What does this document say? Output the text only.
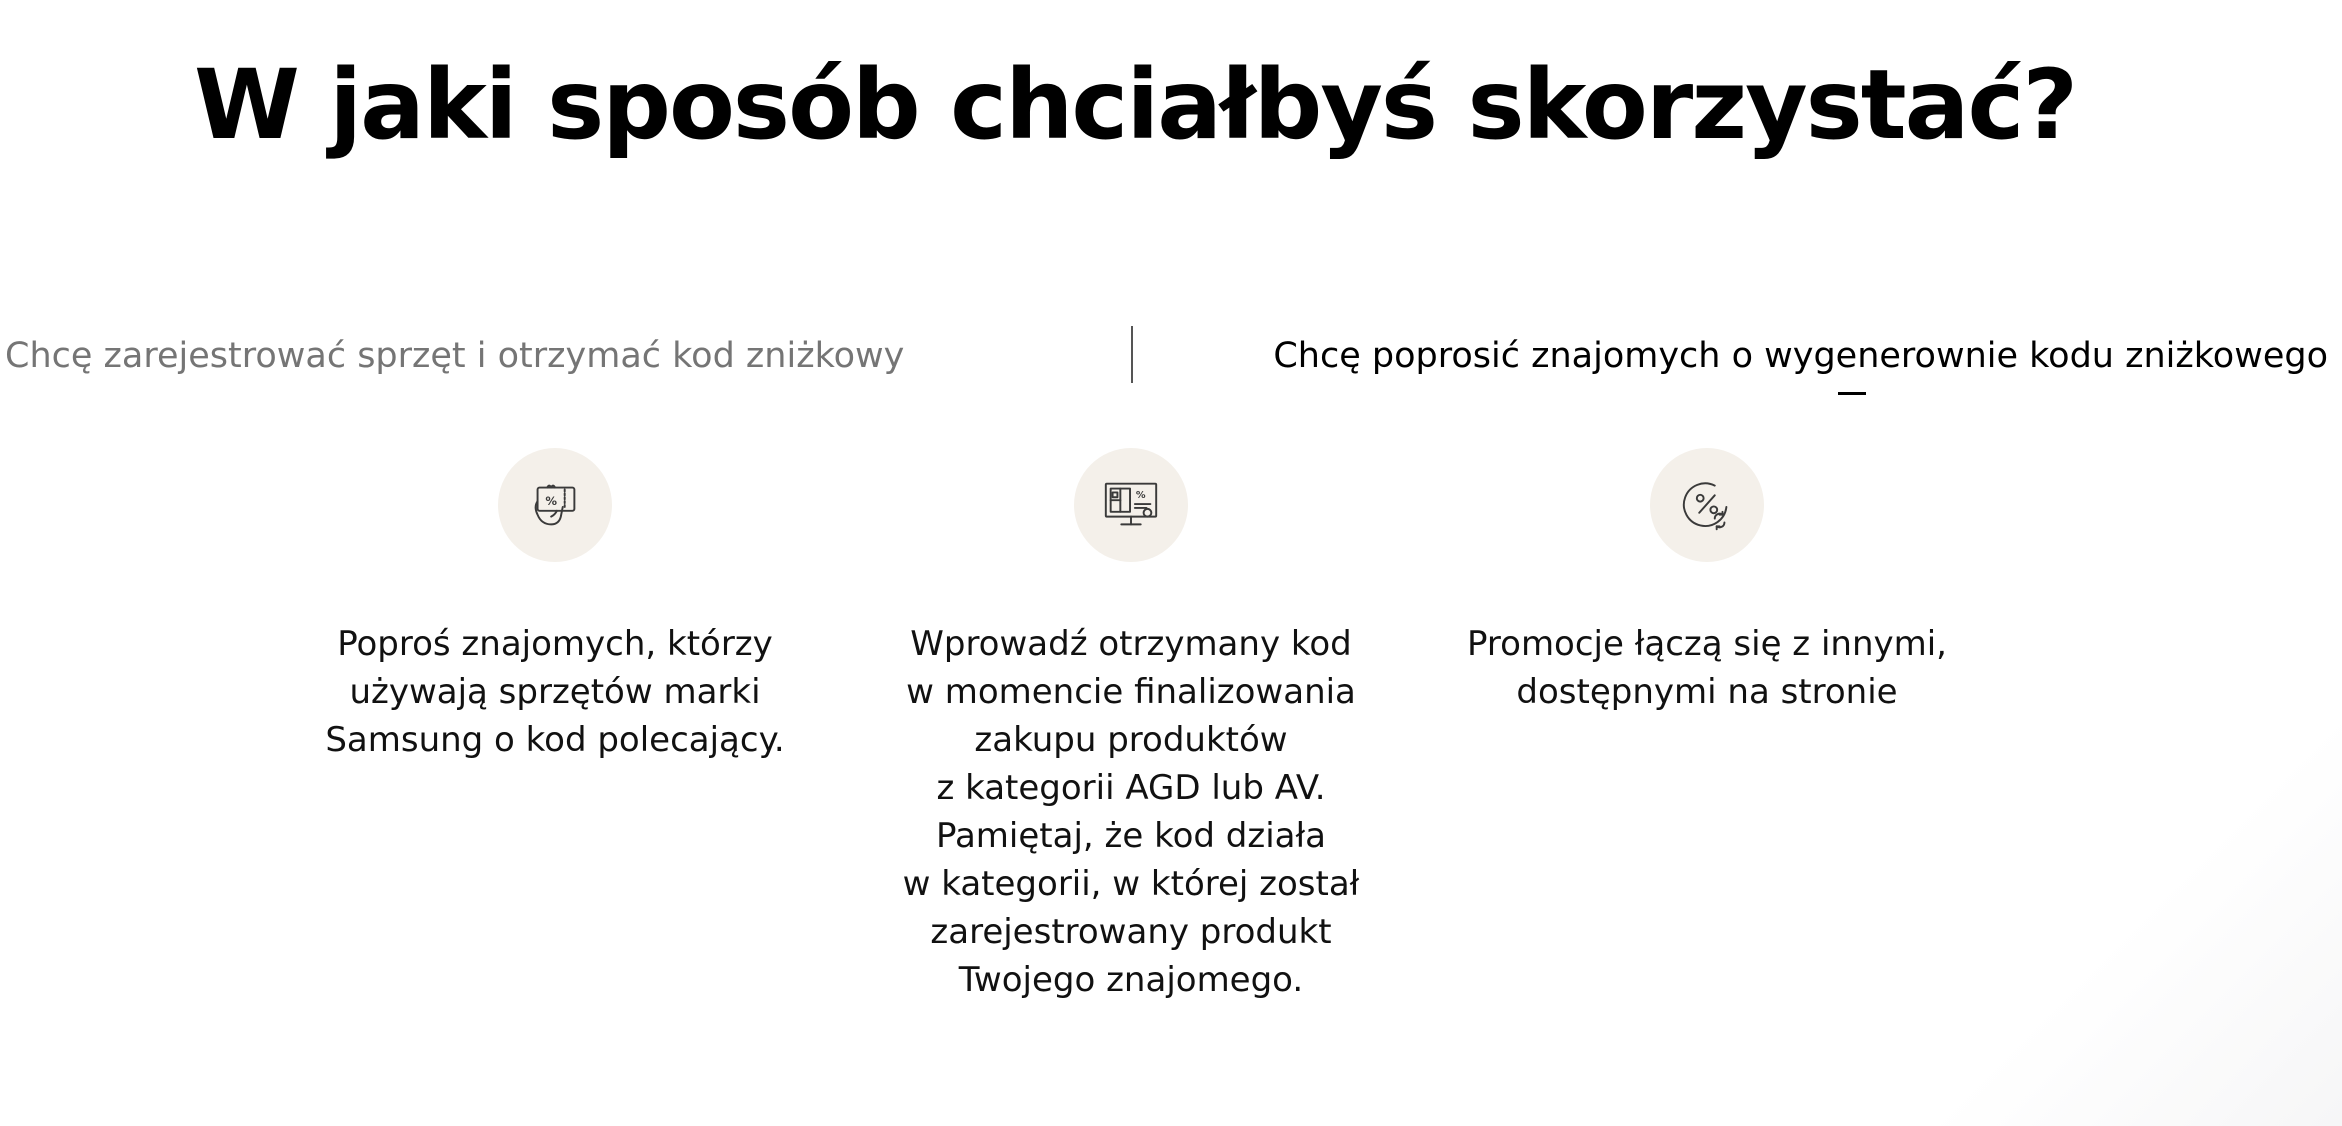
W jaki sposób chciałbyś skorzystać?
Chcę zarejestrować sprzęt i otrzymać kod zniżkowy	Chcę poprosić znajomych o wygenerownie kodu zniżkowego
%
Poproś znajomych, którzy
używają sprzętów marki
Samsung o kod polecający.
%
Wprowadź otrzymany kod
w momencie finalizowania
zakupu produktów
z kategorii AGD lub AV.
Pamiętaj, że kod działa
w kategorii, w której został
zarejestrowany produkt
Twojego znajomego.
Promocje łączą się z innymi,
dostępnymi na stronie
